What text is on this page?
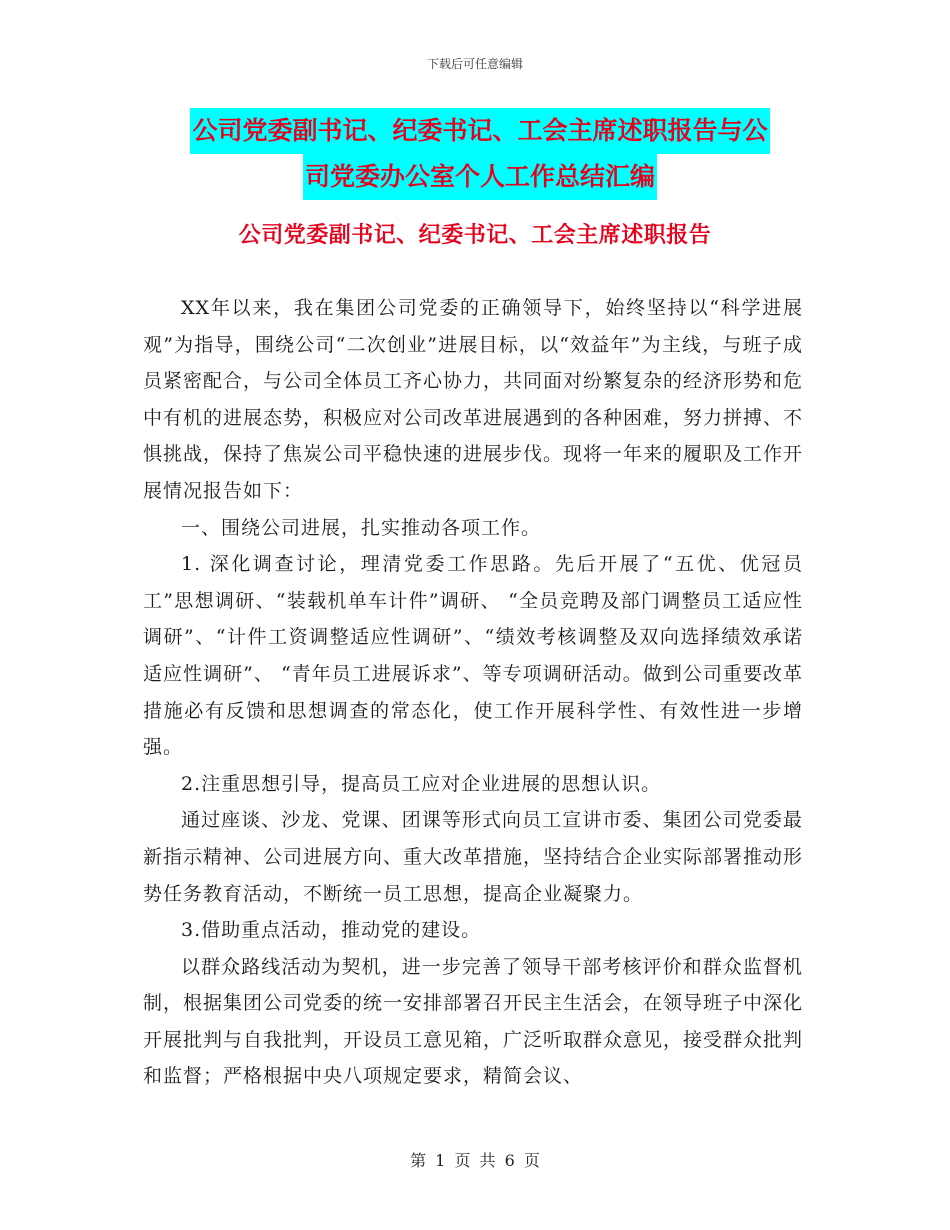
下载后可任意编辑
公司党委副书记、纪委书记、工会主席述职报告与公
司党委办公室个人工作总结汇编
公司党委副书记、纪委书记、工会主席述职报告

XX年以来，我在集团公司党委的正确领导下，始终坚持以“科学进展观”为指导，围绕公司“二次创业”进展目标，以“效益年”为主线，与班子成员紧密配合，与公司全体员工齐心协力，共同面对纷繁复杂的经济形势和危中有机的进展态势，积极应对公司改革进展遇到的各种困难，努力拼搏、不惧挑战，保持了焦炭公司平稳快速的进展步伐。现将一年来的履职及工作开展情况报告如下：

一、围绕公司进展，扎实推动各项工作。

1. 深化调查讨论，理清党委工作思路。先后开展了“五优、优冠员工”思想调研、“装载机单车计件”调研、 “全员竞聘及部门调整员工适应性调研”、“计件工资调整适应性调研”、“绩效考核调整及双向选择绩效承诺适应性调研”、 “青年员工进展诉求”、等专项调研活动。做到公司重要改革措施必有反馈和思想调查的常态化，使工作开展科学性、有效性进一步增强。

2.注重思想引导，提高员工应对企业进展的思想认识。

通过座谈、沙龙、党课、团课等形式向员工宣讲市委、集团公司党委最新指示精神、公司进展方向、重大改革措施，坚持结合企业实际部署推动形势任务教育活动，不断统一员工思想，提高企业凝聚力。

3.借助重点活动，推动党的建设。

以群众路线活动为契机，进一步完善了领导干部考核评价和群众监督机制，根据集团公司党委的统一安排部署召开民主生活会，在领导班子中深化开展批判与自我批判，开设员工意见箱，广泛听取群众意见，接受群众批判和监督；严格根据中央八项规定要求，精简会议、

第 1 页 共 6 页
